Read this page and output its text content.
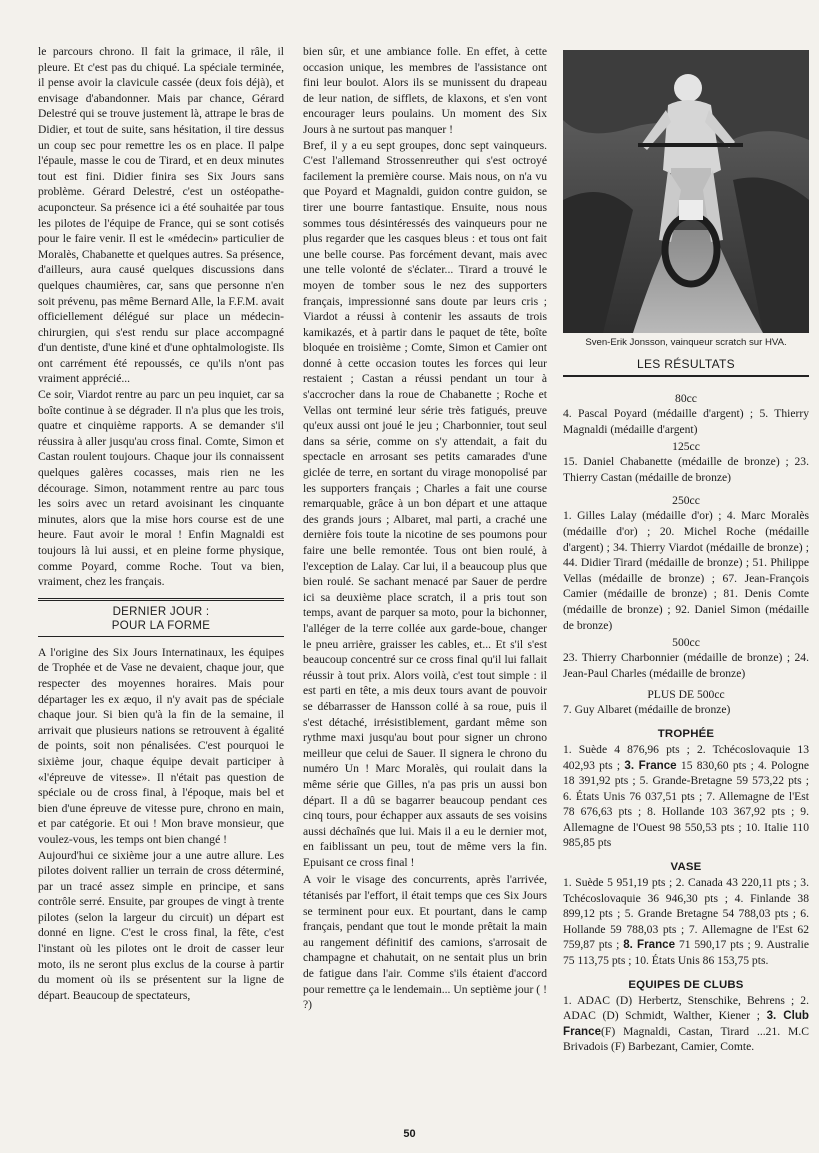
le parcours chrono. Il fait la grimace, il râle, il pleure. Et c'est pas du chiqué. La spéciale terminée, il pense avoir la clavicule cassée (deux fois déjà), et envisage d'abandonner. Mais par chance, Gérard Delestré qui se trouve justement là, attrape le bras de Didier, et tout de suite, sans hésitation, il tire dessus un coup sec pour remettre les os en place. Il palpe l'épaule, masse le cou de Tirard, et en deux minutes tout est fini. Didier finira ses Six Jours sans problème. Gérard Delestré, c'est un ostéopathe-acuponcteur. Sa présence ici a été souhaitée par tous les pilotes de l'équipe de France, qui se sont cotisés pour le faire venir. Il est le «médecin» particulier de Moralès, Chabanette et quelques autres. Sa présence, d'ailleurs, aura causé quelques discussions dans quelques chaumières, car, sans que personne n'en soit prévenu, pas même Bernard Alle, la F.F.M. avait officiellement délégué sur place un médecin-chirurgien, qui s'est rendu sur place accompagné d'un dentiste, d'une kiné et d'une ophtalmologiste. Ils ont carrément été repoussés, ce qu'ils n'ont pas vraiment apprécié...

Ce soir, Viardot rentre au parc un peu inquiet, car sa boîte continue à se dégrader. Il n'a plus que les trois, quatre et cinquième rapports. A se demander s'il réussira à aller jusqu'au cross final. Comte, Simon et Castan roulent toujours. Chaque jour ils connaissent quelques galères cocasses, mais rien ne les décourage. Simon, notamment rentre au parc tous les soirs avec un retard avoisinant les cinquante minutes, alors que la mise hors course est de une heure. Faut avoir le moral ! Enfin Magnaldi est toujours là lui aussi, et en pleine forme physique, comme Poyard, comme Roche. Tout va bien, vraiment, chez les français.

DERNIER JOUR :
POUR LA FORME

A l'origine des Six Jours Internatinaux, les équipes de Trophée et de Vase ne devaient, chaque jour, que respecter des moyennes horaires. Mais pour départager les ex æquo, il n'y avait pas de spéciale chaque jour. Si bien qu'à la fin de la semaine, il arrivait que plusieurs nations se retrouvent à égalité de points, soit non pénalisées. C'est pourquoi le sixième jour, chaque équipe devait participer à «l'épreuve de vitesse». Il n'était pas question de spéciale ou de cross final, à l'époque, mais bel et bien d'une épreuve de vitesse pure, chrono en main, et par catégorie. Et oui ! Mon brave monsieur, que voulez-vous, les temps ont bien changé !

Aujourd'hui ce sixième jour a une autre allure. Les pilotes doivent rallier un terrain de cross déterminé, par un tracé assez simple en principe, et sans contrôle serré. Ensuite, par groupes de vingt à trente pilotes (selon la largeur du circuit) un départ est donné en ligne. C'est le cross final, la fête, c'est l'instant où les pilotes ont le droit de casser leur moto, ils ne seront plus exclus de la course à partir du moment où ils se présentent sur la ligne de départ. Beaucoup de spectateurs,

bien sûr, et une ambiance folle. En effet, à cette occasion unique, les membres de l'assistance ont fini leur boulot. Alors ils se munissent du drapeau de leur nation, de sifflets, de klaxons, et s'en vont encourager leurs poulains. Un moment des Six Jours à ne surtout pas manquer !

Bref, il y a eu sept groupes, donc sept vainqueurs. C'est l'allemand Strossenreuther qui s'est octroyé facilement la première course. Mais nous, on n'a vu que Poyard et Magnaldi, guidon contre guidon, se tirer une bourre fantastique. Ensuite, nous nous sommes tous désintéressés des vainqueurs pour ne plus regarder que les casques bleus : et tous ont fait une belle course. Pas forcément devant, mais avec une telle volonté de s'éclater... Tirard a trouvé le moyen de tomber sous le nez des supporters français, impressionné sans doute par leurs cris ; Viardot a réussi à contenir les assauts de trois kamikazés, et à partir dans le paquet de tête, boîte bloquée en troisième ; Comte, Simon et Camier ont donné à cette occasion toutes les forces qui leur restaient ; Castan a réussi pendant un tour à s'accrocher dans la roue de Chabanette ; Roche et Vellas ont terminé leur série très fatigués, preuve qu'eux aussi ont joué le jeu ; Charbonnier, tout seul dans sa série, comme on s'y attendait, a fait du spectacle en arrosant ses petits camarades d'une giclée de terre, en sortant du virage monopolisé par les supporters français ; Charles a fait une course remarquable, grâce à un bon départ et une attaque des grands jours ; Albaret, mal parti, a craché une dernière fois toute la nicotine de ses poumons pour faire une belle remontée. Tous ont bien roulé, à l'exception de Lalay. Car lui, il a beaucoup plus que bien roulé. Se sachant menacé par Sauer de perdre ici sa deuxième place scratch, il a pris tout son temps, avant de parquer sa moto, pour la bichonner, l'alléger de la terre collée aux garde-boue, changer le pneu arrière, graisser les cables, et... Et s'il s'est beaucoup concentré sur ce cross final qu'il lui fallait réussir à tout prix. Alors voilà, c'est tout simple : il est parti en tête, a mis deux tours avant de pouvoir se débarrasser de Hansson collé à sa roue, puis il s'est détaché, irrésistiblement, gardant même son rythme maxi jusqu'au bout pour signer un chrono meilleur que celui de Sauer. Il signera le chrono du numéro Un ! Marc Moralès, qui roulait dans la même série que Gilles, n'a pas pris un aussi bon départ. Il a dû se bagarrer beaucoup pendant ces cinq tours, pour échapper aux assauts de ses voisins aussi déchaînés que lui. Mais il a eu le dernier mot, en faiblissant un peu, tout de même vers la fin. Epuisant ce cross final !

A voir le visage des concurrents, après l'arrivée, tétanisés par l'effort, il était temps que ces Six Jours se terminent pour eux. Et pourtant, dans le camp français, pendant que tout le monde prêtait la main au rangement définitif des camions, s'arrosait de champagne et chahutait, on ne sentait plus un brin de fatigue dans l'air. Comme s'ils étaient d'accord pour remettre ça le lendemain... Un septième jour ( ! ?)

Sven-Erik Jonsson, vainqueur scratch sur HVA.
LES RÉSULTATS
80cc

4. Pascal Poyard (médaille d'argent) ; 5. Thierry Magnaldi (médaille d'argent)

125cc

15. Daniel Chabanette (médaille de bronze) ; 23. Thierry Castan (médaille de bronze)

250cc

1. Gilles Lalay (médaille d'or) ; 4. Marc Moralès (médaille d'or) ; 20. Michel Roche (médaille d'argent) ; 34. Thierry Viardot (médaille de bronze) ; 44. Didier Tirard (médaille de bronze) ; 51. Philippe Vellas (médaille de bronze) ; 67. Jean-François Camier (médaille de bronze) ; 81. Denis Comte (médaille de bronze) ; 92. Daniel Simon (médaille de bronze)

500cc

23. Thierry Charbonnier (médaille de bronze) ; 24. Jean-Paul Charles (médaille de bronze)

PLUS DE 500cc

7. Guy Albaret (médaille de bronze)

TROPHÉE

1. Suède 4 876,96 pts ; 2. Tchécoslovaquie 13 402,93 pts ; 3. France 15 830,60 pts ; 4. Pologne 18 391,92 pts ; 5. Grande-Bretagne 59 573,22 pts ; 6. États Unis 76 037,51 pts ; 7. Allemagne de l'Est 78 676,63 pts ; 8. Hollande 103 367,92 pts ; 9. Allemagne de l'Ouest 98 550,53 pts ; 10. Italie 110 985,85 pts

VASE

1. Suède 5 951,19 pts ; 2. Canada 43 220,11 pts ; 3. Tchécoslovaquie 36 946,30 pts ; 4. Finlande 38 899,12 pts ; 5. Grande Bretagne 54 788,03 pts ; 6. Hollande 59 788,03 pts ; 7. Allemagne de l'Est 62 759,87 pts ; 8. France 71 590,17 pts ; 9. Australie 75 113,75 pts ; 10. États Unis 86 153,75 pts.

EQUIPES DE CLUBS

1. ADAC (D) Herbertz, Stenschike, Behrens ; 2. ADAC (D) Schmidt, Walther, Kiener ; 3. Club France(F) Magnaldi, Castan, Tirard ...21. M.C Brivadois (F) Barbezant, Camier, Comte.

50
